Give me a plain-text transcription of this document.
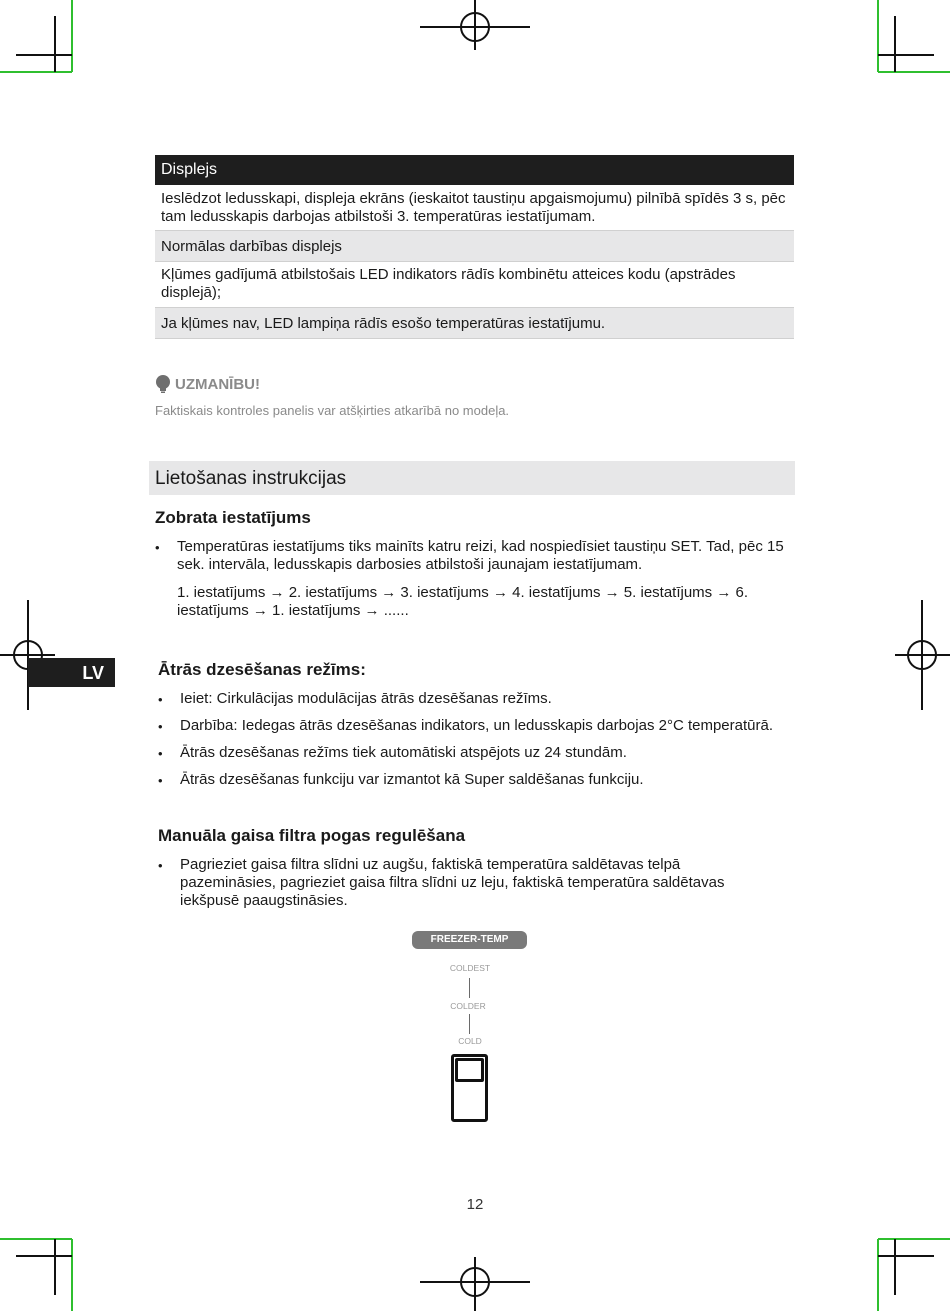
Displejs
Ieslēdzot ledusskapi, displeja ekrāns (ieskaitot taustiņu apgaismojumu) pilnībā spīdēs 3 s, pēc tam ledusskapis darbojas atbilstoši 3. temperatūras iestatījumam.
Normālas darbības displejs
Kļūmes gadījumā atbilstošais LED indikators rādīs kombinētu atteices kodu (apstrādes displejā);
Ja kļūmes nav, LED lampiņa rādīs esošo temperatūras iestatījumu.
UZMANĪBU!
Faktiskais kontroles panelis var atšķirties atkarībā no modeļa.
Lietošanas instrukcijas
Zobrata iestatījums
• Temperatūras iestatījums tiks mainīts katru reizi, kad nospiedīsiet taustiņu SET. Tad, pēc 15 sek. intervāla, ledusskapis darbosies atbilstoši jaunajam iestatījumam.
1. iestatījums → 2. iestatījums → 3. iestatījums → 4. iestatījums → 5. iestatījums → 6. iestatījums → 1. iestatījums → ......
LV	Ātrās dzesēšanas režīms:
• Ieiet: Cirkulācijas modulācijas ātrās dzesēšanas režīms.
• Darbība: Iedegas ātrās dzesēšanas indikators, un ledusskapis darbojas 2°C temperatūrā.
• Ātrās dzesēšanas režīms tiek automātiski atspējots uz 24 stundām.
• Ātrās dzesēšanas funkciju var izmantot kā Super saldēšanas funkciju.
Manuāla gaisa filtra pogas regulēšana
• Pagrieziet gaisa filtra slīdni uz augšu, faktiskā temperatūra saldētavas telpā pazemināsies, pagrieziet gaisa filtra slīdni uz leju, faktiskā temperatūra saldētavas iekšpusē paaugstināsies.
FREEZER-TEMP
COLDEST
COLDER
COLD
12
